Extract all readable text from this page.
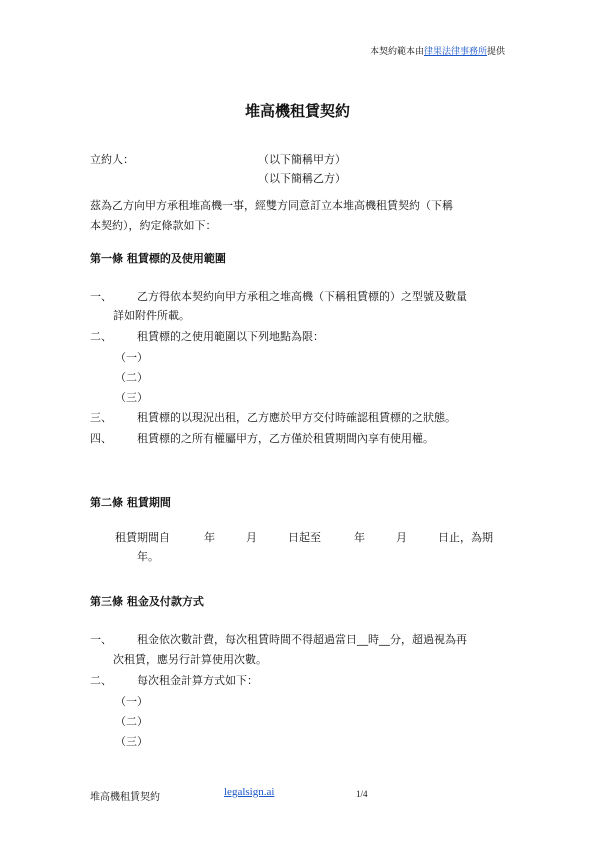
本契約範本由律果法律事務所提供
堆高機租賃契約
立約人：	（以下簡稱甲方）
（以下簡稱乙方）
茲為乙方向甲方承租堆高機一事，經雙方同意訂立本堆高機租賃契約（下稱
本契約），約定條款如下：
第一條 租賃標的及使用範圍
一、 乙方得依本契約向甲方承租之堆高機（下稱租賃標的）之型號及數量
詳如附件所載。
二、 租賃標的之使用範圍以下列地點為限：
（一）
（二）
（三）
三、 租賃標的以現況出租，乙方應於甲方交付時確認租賃標的之狀態。
四、 租賃標的之所有權屬甲方，乙方僅於租賃期間內享有使用權。
第二條 租賃期間
租賃期間自	年	月	日起至	年	月	日止，為期
年。
第三條 租金及付款方式
一、 租金依次數計費，每次租賃時間不得超過當日__時__分，超過視為再
次租賃，應另行計算使用次數。
二、 每次租金計算方式如下：
（一）
（二）
（三）
堆高機租賃契約	legalsign.ai	1/4
